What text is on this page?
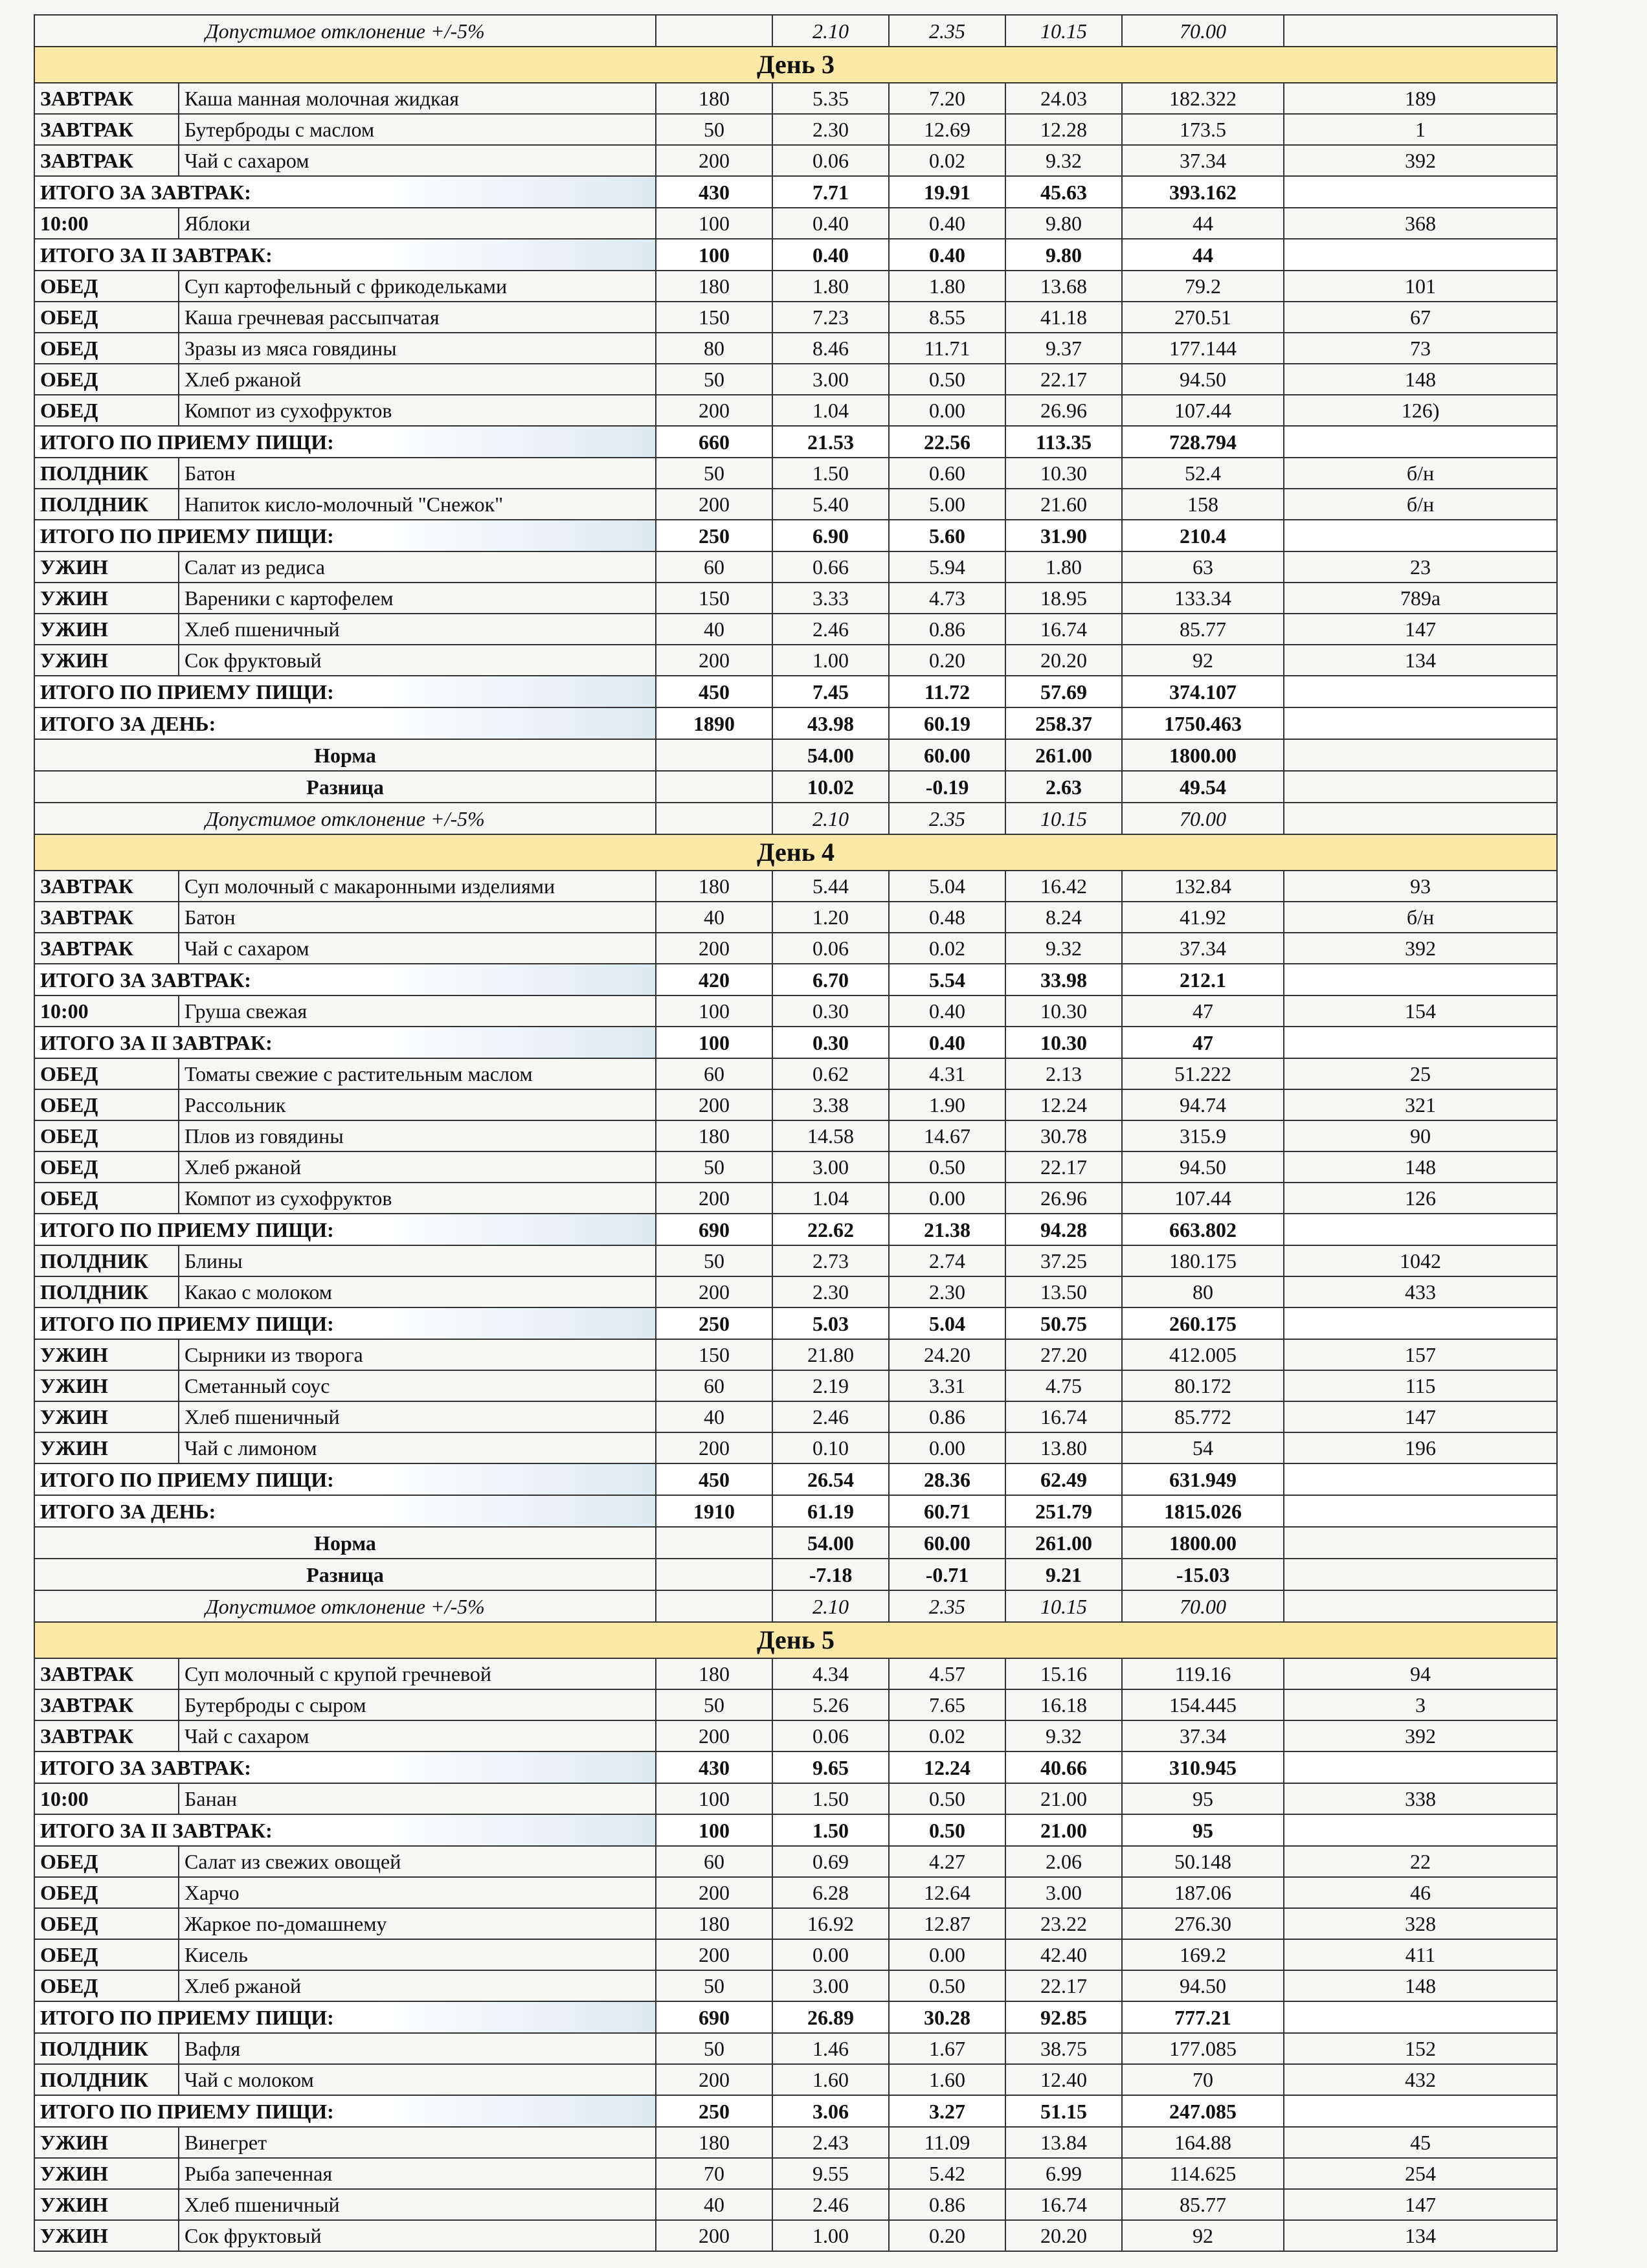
Допустимое отклонение +/-5%			2.10	2.35	10.15	70.00		
День 3								
ЗАВТРАК	Каша манная молочная жидкая	180	5.35	7.20	24.03	182.322	189	
ЗАВТРАК	Бутерброды с маслом	50	2.30	12.69	12.28	173.5	1	
ЗАВТРАК	Чай с сахаром	200	0.06	0.02	9.32	37.34	392	
ИТОГО ЗА ЗАВТРАК:		430	7.71	19.91	45.63	393.162		
10:00	Яблоки	100	0.40	0.40	9.80	44	368	
ИТОГО ЗА II ЗАВТРАК:		100	0.40	0.40	9.80	44		
ОБЕД	Суп картофельный с фрикодельками	180	1.80	1.80	13.68	79.2	101	
ОБЕД	Каша гречневая рассыпчатая	150	7.23	8.55	41.18	270.51	67	
ОБЕД	Зразы из мяса говядины	80	8.46	11.71	9.37	177.144	73	
ОБЕД	Хлеб ржаной	50	3.00	0.50	22.17	94.50	148	
ОБЕД	Компот из сухофруктов	200	1.04	0.00	26.96	107.44	126)	
ИТОГО ПО ПРИЕМУ ПИЩИ:		660	21.53	22.56	113.35	728.794		
ПОЛДНИК	Батон	50	1.50	0.60	10.30	52.4	б/н	
ПОЛДНИК	Напиток кисло-молочный "Снежок"	200	5.40	5.00	21.60	158	б/н	
ИТОГО ПО ПРИЕМУ ПИЩИ:		250	6.90	5.60	31.90	210.4		
УЖИН	Салат из редиса	60	0.66	5.94	1.80	63	23	
УЖИН	Вареники с картофелем	150	3.33	4.73	18.95	133.34	789а	
УЖИН	Хлеб пшеничный	40	2.46	0.86	16.74	85.77	147	
УЖИН	Сок фруктовый	200	1.00	0.20	20.20	92	134	
ИТОГО ПО ПРИЕМУ ПИЩИ:		450	7.45	11.72	57.69	374.107		
ИТОГО ЗА ДЕНЬ:		1890	43.98	60.19	258.37	1750.463		
Норма			54.00	60.00	261.00	1800.00		
Разница			10.02	-0.19	2.63	49.54		
Допустимое отклонение +/-5%			2.10	2.35	10.15	70.00		
День 4								
ЗАВТРАК	Суп молочный с макаронными изделиями	180	5.44	5.04	16.42	132.84	93	
ЗАВТРАК	Батон	40	1.20	0.48	8.24	41.92	б/н	
ЗАВТРАК	Чай с сахаром	200	0.06	0.02	9.32	37.34	392	
ИТОГО ЗА ЗАВТРАК:		420	6.70	5.54	33.98	212.1		
10:00	Груша свежая	100	0.30	0.40	10.30	47	154	
ИТОГО ЗА II ЗАВТРАК:		100	0.30	0.40	10.30	47		
ОБЕД	Томаты свежие с растительным маслом	60	0.62	4.31	2.13	51.222	25	
ОБЕД	Рассольник	200	3.38	1.90	12.24	94.74	321	
ОБЕД	Плов из говядины	180	14.58	14.67	30.78	315.9	90	
ОБЕД	Хлеб ржаной	50	3.00	0.50	22.17	94.50	148	
ОБЕД	Компот из сухофруктов	200	1.04	0.00	26.96	107.44	126	
ИТОГО ПО ПРИЕМУ ПИЩИ:		690	22.62	21.38	94.28	663.802		
ПОЛДНИК	Блины	50	2.73	2.74	37.25	180.175	1042	
ПОЛДНИК	Какао с молоком	200	2.30	2.30	13.50	80	433	
ИТОГО ПО ПРИЕМУ ПИЩИ:		250	5.03	5.04	50.75	260.175		
УЖИН	Сырники из творога	150	21.80	24.20	27.20	412.005	157	
УЖИН	Сметанный соус	60	2.19	3.31	4.75	80.172	115	
УЖИН	Хлеб пшеничный	40	2.46	0.86	16.74	85.772	147	
УЖИН	Чай с лимоном	200	0.10	0.00	13.80	54	196	
ИТОГО ПО ПРИЕМУ ПИЩИ:		450	26.54	28.36	62.49	631.949		
ИТОГО ЗА ДЕНЬ:		1910	61.19	60.71	251.79	1815.026		
Норма			54.00	60.00	261.00	1800.00		
Разница			-7.18	-0.71	9.21	-15.03		
Допустимое отклонение +/-5%			2.10	2.35	10.15	70.00		
День 5								
ЗАВТРАК	Суп молочный с крупой гречневой	180	4.34	4.57	15.16	119.16	94	
ЗАВТРАК	Бутерброды с сыром	50	5.26	7.65	16.18	154.445	3	
ЗАВТРАК	Чай с сахаром	200	0.06	0.02	9.32	37.34	392	
ИТОГО ЗА ЗАВТРАК:		430	9.65	12.24	40.66	310.945		
10:00	Банан	100	1.50	0.50	21.00	95	338	
ИТОГО ЗА II ЗАВТРАК:		100	1.50	0.50	21.00	95		
ОБЕД	Салат из свежих овощей	60	0.69	4.27	2.06	50.148	22	
ОБЕД	Харчо	200	6.28	12.64	3.00	187.06	46	
ОБЕД	Жаркое по-домашнему	180	16.92	12.87	23.22	276.30	328	
ОБЕД	Кисель	200	0.00	0.00	42.40	169.2	411	
ОБЕД	Хлеб ржаной	50	3.00	0.50	22.17	94.50	148	
ИТОГО ПО ПРИЕМУ ПИЩИ:		690	26.89	30.28	92.85	777.21		
ПОЛДНИК	Вафля	50	1.46	1.67	38.75	177.085	152	
ПОЛДНИК	Чай с молоком	200	1.60	1.60	12.40	70	432	
ИТОГО ПО ПРИЕМУ ПИЩИ:		250	3.06	3.27	51.15	247.085		
УЖИН	Винегрет	180	2.43	11.09	13.84	164.88	45	
УЖИН	Рыба запеченная	70	9.55	5.42	6.99	114.625	254	
УЖИН	Хлеб пшеничный	40	2.46	0.86	16.74	85.77	147	
УЖИН	Сок фруктовый	200	1.00	0.20	20.20	92	134	
